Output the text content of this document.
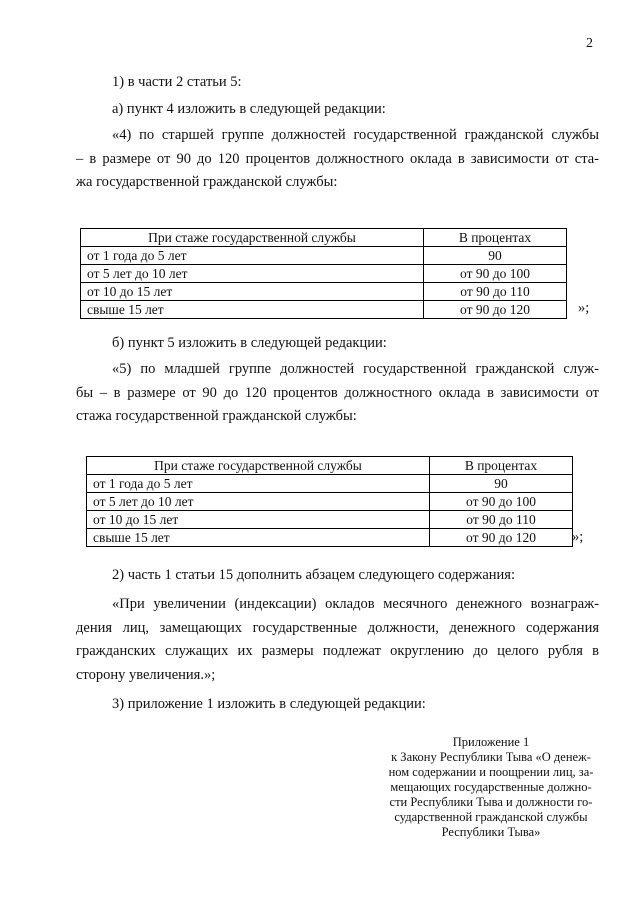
2
1) в части 2 статьи 5:
а) пункт 4 изложить в следующей редакции:
«4) по старшей группе должностей государственной гражданской службы
– в размере от 90 до 120 процентов должностного оклада в зависимости от ста-
жа государственной гражданской службы:
При стаже государственной службы	В процентах
от 1 года до 5 лет	90
от 5 лет до 10 лет	от 90 до 100
от 10 до 15 лет	от 90 до 110
свыше 15 лет	от 90 до 120	»;
б) пункт 5 изложить в следующей редакции:
«5) по младшей группе должностей государственной гражданской служ-
бы – в размере от 90 до 120 процентов должностного оклада в зависимости от
стажа государственной гражданской службы:
При стаже государственной службы	В процентах
от 1 года до 5 лет	90
от 5 лет до 10 лет	от 90 до 100
от 10 до 15 лет	от 90 до 110
свыше 15 лет	от 90 до 120 »;
2) часть 1 статьи 15 дополнить абзацем следующего содержания:
«При увеличении (индексации) окладов месячного денежного вознаграж-
дения лиц, замещающих государственные должности, денежного содержания
гражданских служащих их размеры подлежат округлению до целого рубля в
сторону увеличения.»;
3) приложение 1 изложить в следующей редакции:
Приложение 1
к Закону Республики Тыва «О денеж-
ном содержании и поощрении лиц, за-
мещающих государственные должно-
сти Республики Тыва и должности го-
сударственной гражданской службы
Республики Тыва»
